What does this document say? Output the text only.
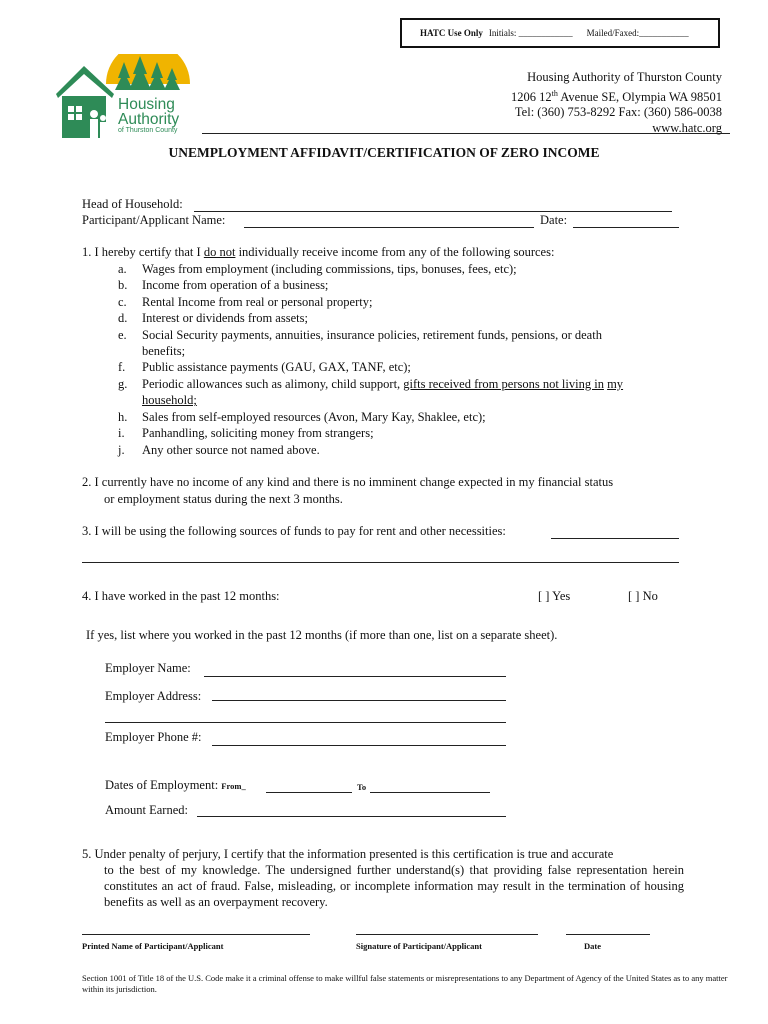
HATC Use Only Initials: ____________ Mailed/Faxed:___________
Housing
Authority
of Thurston County
Housing Authority of Thurston County
1206 12th Avenue SE, Olympia WA 98501
Tel: (360) 753-8292 Fax: (360) 586-0038
www.hatc.org
UNEMPLOYMENT AFFIDAVIT/CERTIFICATION OF ZERO INCOME
Head of Household:
Participant/Applicant Name:	Date:
1. I hereby certify that I do not individually receive income from any of the following sources:
a. Wages from employment (including commissions, tips, bonuses, fees, etc);
b. Income from operation of a business;
c. Rental Income from real or personal property;
d. Interest or dividends from assets;
e. Social Security payments, annuities, insurance policies, retirement funds, pensions, or death
benefits;
f. Public assistance payments (GAU, GAX, TANF, etc);
g. Periodic allowances such as alimony, child support, gifts received from persons not living in my
household;
h. Sales from self-employed resources (Avon, Mary Kay, Shaklee, etc);
i. Panhandling, soliciting money from strangers;
j. Any other source not named above.
2. I currently have no income of any kind and there is no imminent change expected in my financial status
or employment status during the next 3 months.
3. I will be using the following sources of funds to pay for rent and other necessities:
4. I have worked in the past 12 months:	[ ] Yes	[ ] No
If yes, list where you worked in the past 12 months (if more than one, list on a separate sheet).
Employer Name:
Employer Address:
Employer Phone #:
Dates of Employment: From_	To
Amount Earned:
5. Under penalty of perjury, I certify that the information presented is this certification is true and accurate
to the best of my knowledge. The undersigned further understand(s) that providing false representation herein constitutes an act of fraud. False, misleading, or incomplete information may result in the termination of housing benefits as well as an overpayment recovery.
Printed Name of Participant/Applicant	Signature of Participant/Applicant	Date
Section 1001 of Title 18 of the U.S. Code make it a criminal offense to make willful false statements or misrepresentations to any Department of Agency of the United States as to any matter within its jurisdiction.
